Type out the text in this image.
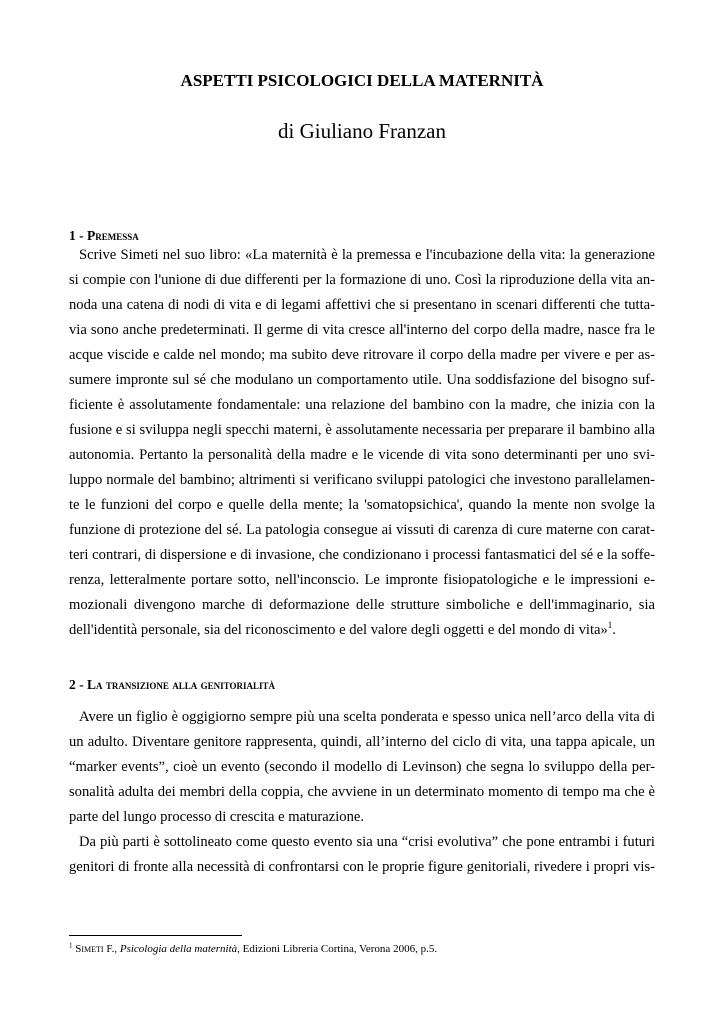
ASPETTI PSICOLOGICI DELLA MATERNITÀ

di Giuliano Franzan

1 - Premessa
Scrive Simeti nel suo libro: «La maternità è la premessa e l'incubazione della vita: la generazione
si compie con l'unione di due differenti per la formazione di uno. Così la riproduzione della vita an-
noda una catena di nodi di vita e di legami affettivi che si presentano in scenari differenti che tutta-
via sono anche predeterminati. Il germe di vita cresce all'interno del corpo della madre, nasce fra le
acque viscide e calde nel mondo; ma subito deve ritrovare il corpo della madre per vivere e per as-
sumere impronte sul sé che modulano un comportamento utile. Una soddisfazione del bisogno suf-
ficiente è assolutamente fondamentale: una relazione del bambino con la madre, che inizia con la
fusione e si sviluppa negli specchi materni, è assolutamente necessaria per preparare il bambino alla
autonomia. Pertanto la personalità della madre e le vicende di vita sono determinanti per uno svi-
luppo normale del bambino; altrimenti si verificano sviluppi patologici che investono parallelamen-
te le funzioni del corpo e quelle della mente; la 'somatopsichica', quando la mente non svolge la
funzione di protezione del sé. La patologia consegue ai vissuti di carenza di cure materne con carat-
teri contrari, di dispersione e di invasione, che condizionano i processi fantasmatici del sé e la soffe-
renza, letteralmente portare sotto, nell'inconscio. Le impronte fisiopatologiche e le impressioni e-
mozionali divengono marche di deformazione delle strutture simboliche e dell'immaginario, sia
dell'identità personale, sia del riconoscimento e del valore degli oggetti e del mondo di vita»$^1$.
2 - La transizione alla genitorialità
Avere un figlio è oggigiorno sempre più una scelta ponderata e spesso unica nell’arco della vita di
un adulto. Diventare genitore rappresenta, quindi, all’interno del ciclo di vita, una tappa apicale, un
“marker events”, cioè un evento (secondo il modello di Levinson) che segna lo sviluppo della per-
sonalità adulta dei membri della coppia, che avviene in un determinato momento di tempo ma che è
parte del lungo processo di crescita e maturazione.
Da più parti è sottolineato come questo evento sia una “crisi evolutiva” che pone entrambi i futuri
genitori di fronte alla necessità di confrontarsi con le proprie figure genitoriali, rivedere i propri vis-

$^1$ Simeti F., Psicologia della maternità, Edizioni Libreria Cortina, Verona 2006, p.5.
